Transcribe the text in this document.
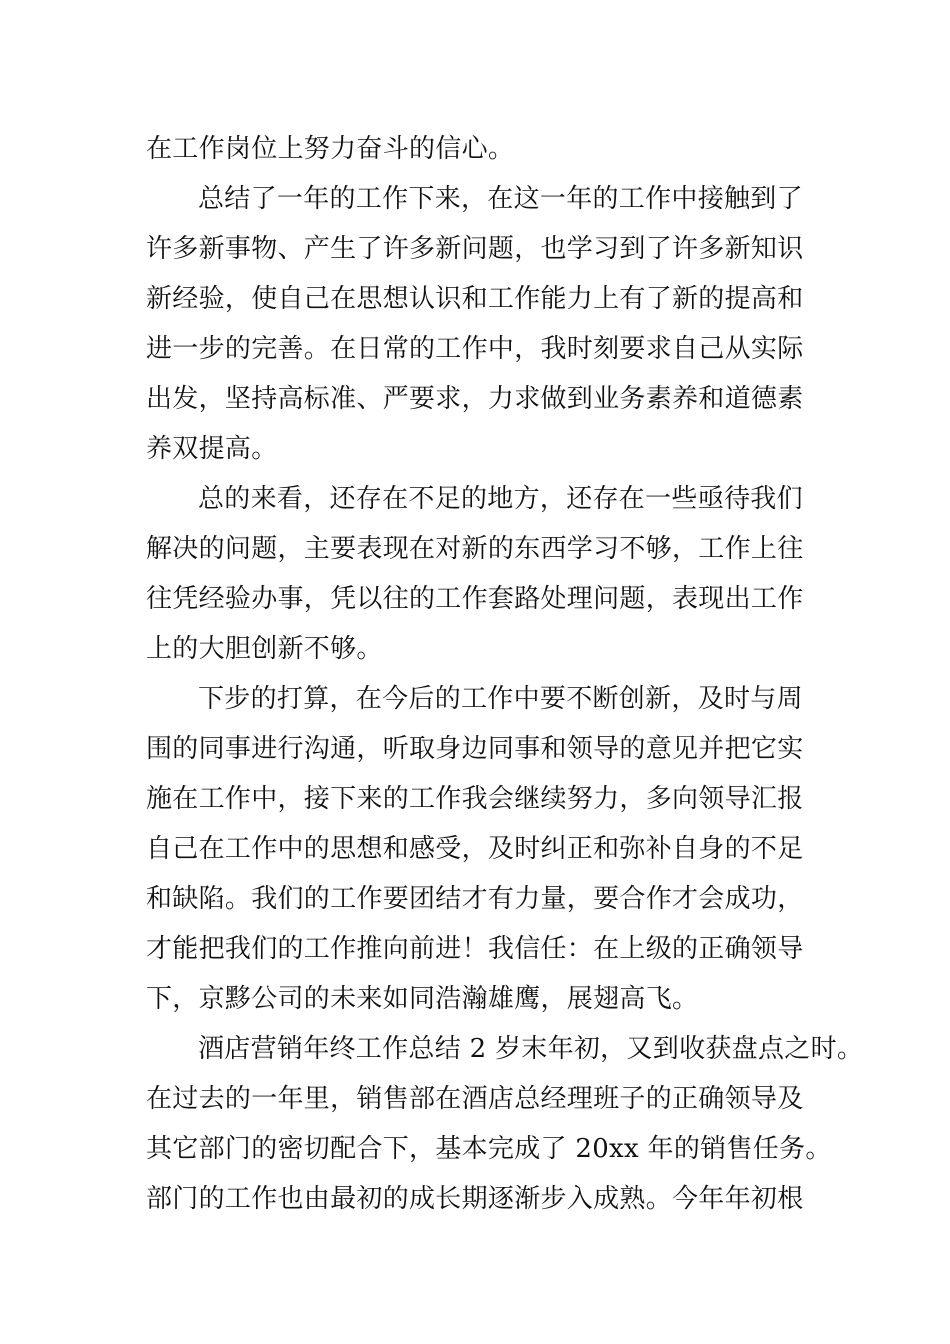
在工作岗位上努力奋斗的信心。
总结了一年的工作下来，在这一年的工作中接触到了
许多新事物、产生了许多新问题，也学习到了许多新知识
新经验，使自己在思想认识和工作能力上有了新的提高和
进一步的完善。在日常的工作中，我时刻要求自己从实际
出发，坚持高标准、严要求，力求做到业务素养和道德素
养双提高。
总的来看，还存在不足的地方，还存在一些亟待我们
解决的问题，主要表现在对新的东西学习不够，工作上往
往凭经验办事，凭以往的工作套路处理问题，表现出工作
上的大胆创新不够。
下步的打算，在今后的工作中要不断创新，及时与周
围的同事进行沟通，听取身边同事和领导的意见并把它实
施在工作中，接下来的工作我会继续努力，多向领导汇报
自己在工作中的思想和感受，及时纠正和弥补自身的不足
和缺陷。我们的工作要团结才有力量，要合作才会成功，
才能把我们的工作推向前进！我信任：在上级的正确领导
下，京黟公司的未来如同浩瀚雄鹰，展翅高飞。
酒店营销年终工作总结 2 岁末年初，又到收获盘点之时。
在过去的一年里，销售部在酒店总经理班子的正确领导及
其它部门的密切配合下，基本完成了 20xx 年的销售任务。
部门的工作也由最初的成长期逐渐步入成熟。今年年初根
